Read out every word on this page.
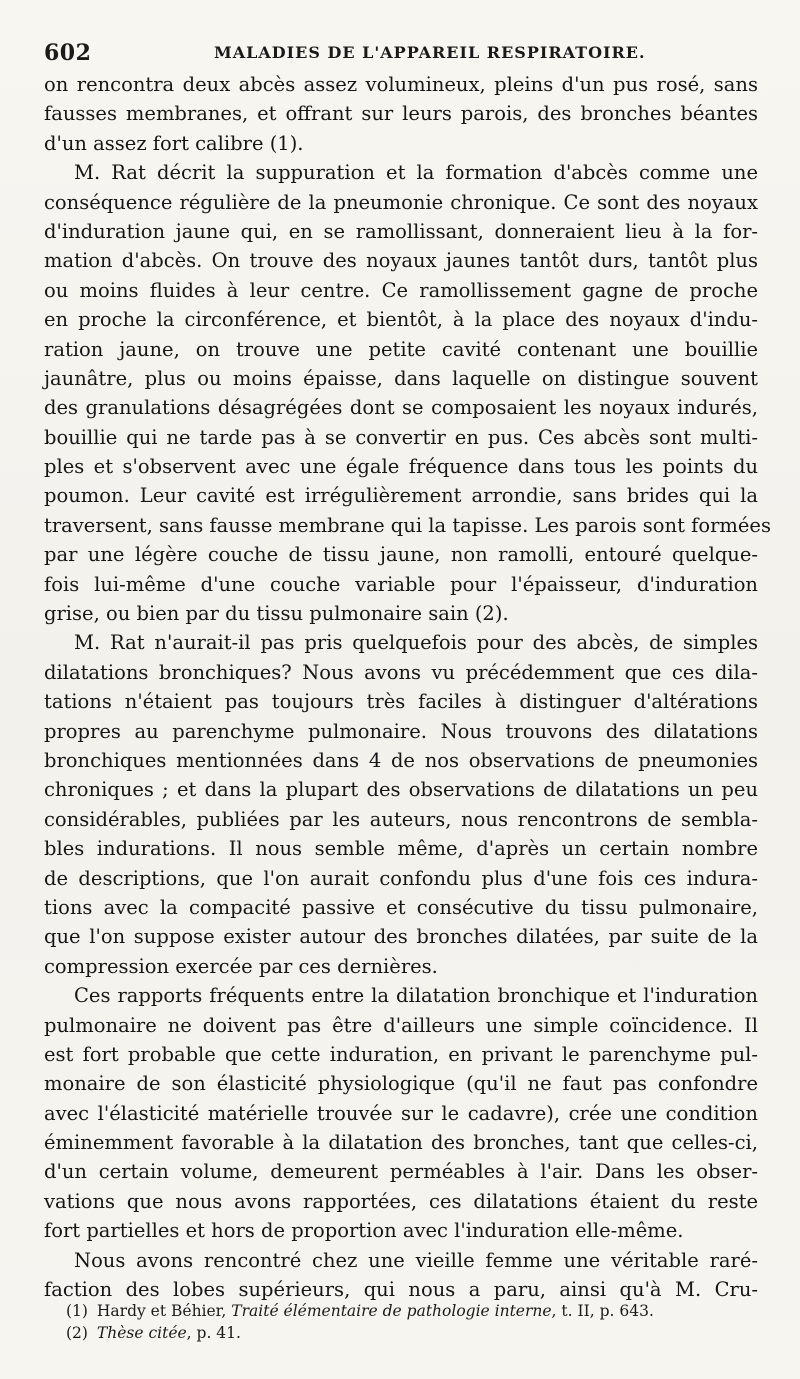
602	MALADIES DE L'APPAREIL RESPIRATOIRE.
on rencontra deux abcès assez volumineux, pleins d'un pus rosé, sans
fausses membranes, et offrant sur leurs parois, des bronches béantes
d'un assez fort calibre (1).
M. Rat décrit la suppuration et la formation d'abcès comme une
conséquence régulière de la pneumonie chronique. Ce sont des noyaux
d'induration jaune qui, en se ramollissant, donneraient lieu à la for-
mation d'abcès. On trouve des noyaux jaunes tantôt durs, tantôt plus
ou moins fluides à leur centre. Ce ramollissement gagne de proche
en proche la circonférence, et bientôt, à la place des noyaux d'indu-
ration jaune, on trouve une petite cavité contenant une bouillie
jaunâtre, plus ou moins épaisse, dans laquelle on distingue souvent
des granulations désagrégées dont se composaient les noyaux indurés,
bouillie qui ne tarde pas à se convertir en pus. Ces abcès sont multi-
ples et s'observent avec une égale fréquence dans tous les points du
poumon. Leur cavité est irrégulièrement arrondie, sans brides qui la
traversent, sans fausse membrane qui la tapisse. Les parois sont formées
par une légère couche de tissu jaune, non ramolli, entouré quelque-
fois lui-même d'une couche variable pour l'épaisseur, d'induration
grise, ou bien par du tissu pulmonaire sain (2).
M. Rat n'aurait-il pas pris quelquefois pour des abcès, de simples
dilatations bronchiques? Nous avons vu précédemment que ces dila-
tations n'étaient pas toujours très faciles à distinguer d'altérations
propres au parenchyme pulmonaire. Nous trouvons des dilatations
bronchiques mentionnées dans 4 de nos observations de pneumonies
chroniques ; et dans la plupart des observations de dilatations un peu
considérables, publiées par les auteurs, nous rencontrons de sembla-
bles indurations. Il nous semble même, d'après un certain nombre
de descriptions, que l'on aurait confondu plus d'une fois ces indura-
tions avec la compacité passive et consécutive du tissu pulmonaire,
que l'on suppose exister autour des bronches dilatées, par suite de la
compression exercée par ces dernières.
Ces rapports fréquents entre la dilatation bronchique et l'induration
pulmonaire ne doivent pas être d'ailleurs une simple coïncidence. Il
est fort probable que cette induration, en privant le parenchyme pul-
monaire de son élasticité physiologique (qu'il ne faut pas confondre
avec l'élasticité matérielle trouvée sur le cadavre), crée une condition
éminemment favorable à la dilatation des bronches, tant que celles-ci,
d'un certain volume, demeurent perméables à l'air. Dans les obser-
vations que nous avons rapportées, ces dilatations étaient du reste
fort partielles et hors de proportion avec l'induration elle-même.
Nous avons rencontré chez une vieille femme une véritable raré-
faction des lobes supérieurs, qui nous a paru, ainsi qu'à M. Cru-
(1) Hardy et Béhier, Traité élémentaire de pathologie interne, t. II, p. 643.
(2) Thèse citée, p. 41.
